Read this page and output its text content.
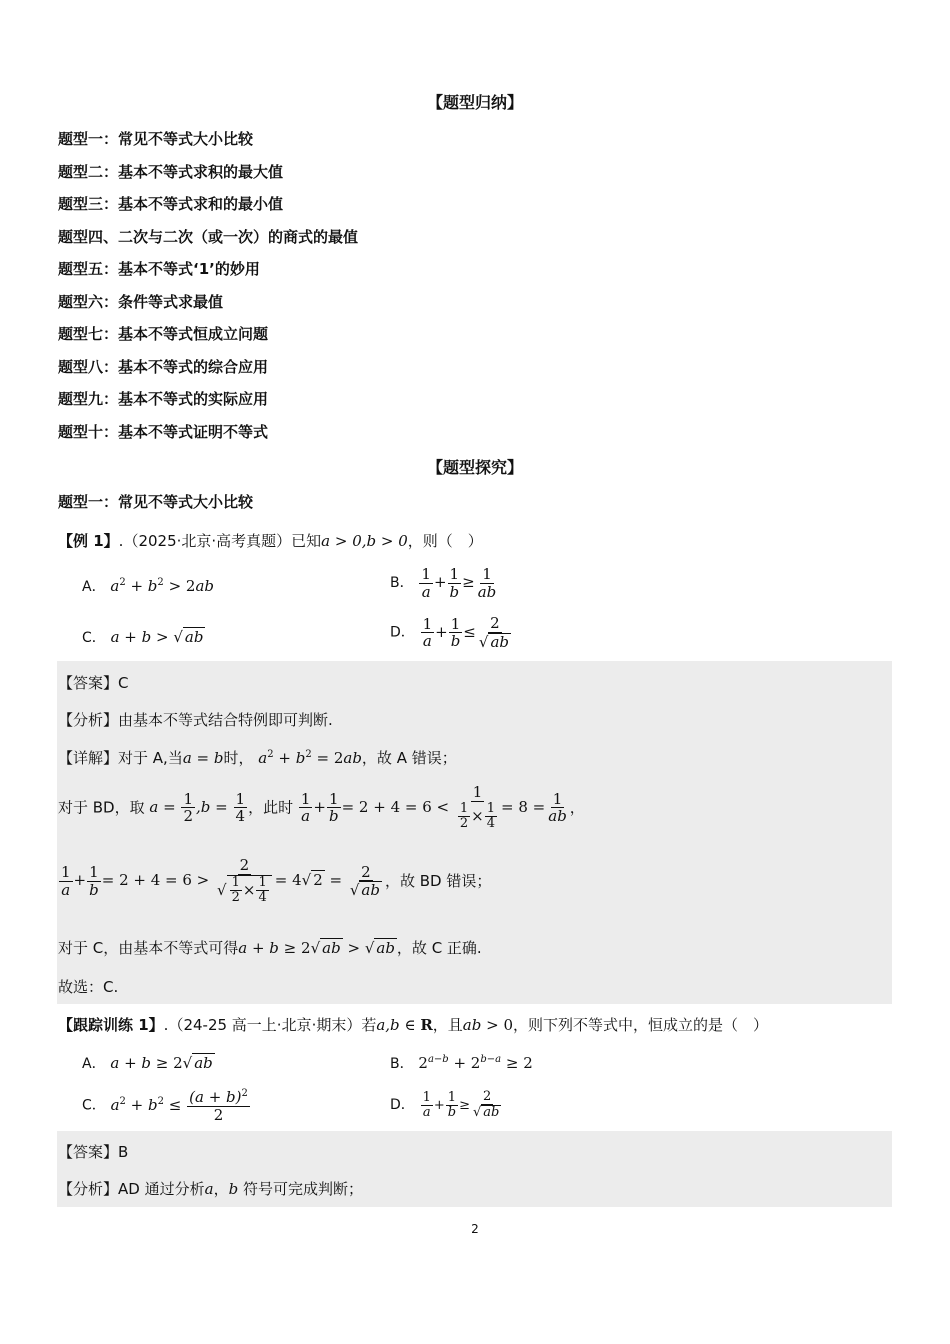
【题型归纳】
题型一：常见不等式大小比较
题型二：基本不等式求积的最大值
题型三：基本不等式求和的最小值
题型四、二次与二次（或一次）的商式的最值
题型五：基本不等式‘1’的妙用
题型六：条件等式求最值
题型七：基本不等式恒成立问题
题型八：基本不等式的综合应用
题型九：基本不等式的实际应用
题型十：基本不等式证明不等式
【题型探究】
题型一：常见不等式大小比较
【例 1】.（2025·北京·高考真题）已知a > 0,b > 0，则（　）
A． $a^2 + b^2 > 2ab$	B． $\frac{1}{a} + \frac{1}{b} \ge \frac{1}{ab}$
C． a + b > √ ab	D． $\frac{1}{a} + \frac{1}{b} \le \frac{2}{√ ab}$
【答案】C
【分析】由基本不等式结合特例即可判断.
【详解】对于 A,当a = b时， $a^2 + b^2 = 2ab$，故 A 错误；
对于 BD，取 $a = \frac{1}{2} ,b = \frac{1}{4}$ ，此时 $\frac{1}{a} + \frac{1}{b} = 2 + 4 = 6 < \frac{1}{\frac{1}{2} \times \frac{1}{4}} = 8 = \frac{1}{ab}$ ，
$\frac{1}{a} + \frac{1}{b} = 2 + 4 = 6 > \frac{2}{√ \frac{1}{2} \times \frac{1}{4}} = 4√$ $2 = \frac{2}{√ ab}$ ，故 BD 错误；
对于 C，由基本不等式可得a + b ≥ 2√ ab > √ ab ，故 C 正确.
故选：C.
【跟踪训练 1】.（24-25 高一上·北京·期末）若a,b ∈ R，且ab > 0，则下列不等式中，恒成立的是（　）
A． a + b ≥ 2√ ab	B． $2^{a-b} + 2^{b-a} \ge 2$
C． $a^2 + b^2 \le \frac{(a + b)^2}{2}$	D． $\frac{1}{a} + \frac{1}{b} \ge \frac{2}{√ ab}$
【答案】B
【分析】AD 通过分析a，b 符号可完成判断；
2
